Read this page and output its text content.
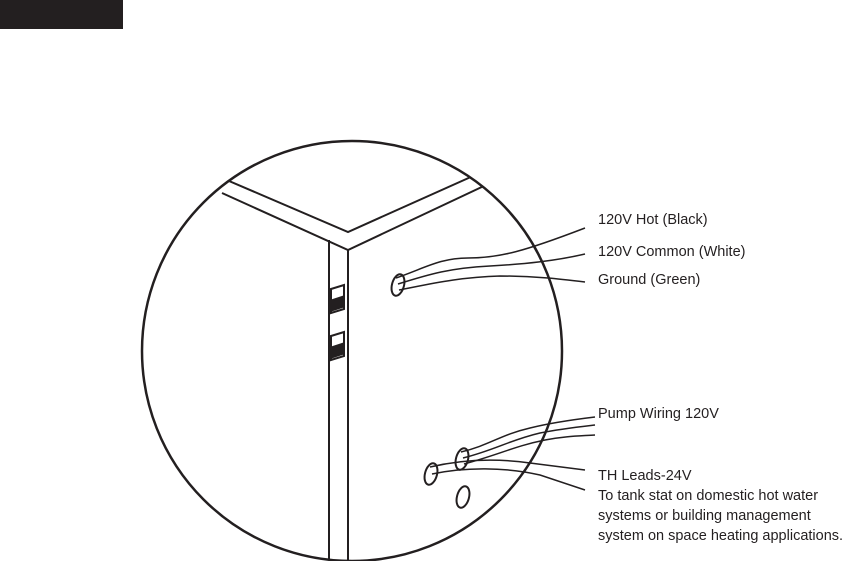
120V Hot (Black)
120V Common (White)
Ground (Green)
Pump Wiring 120V
TH Leads-24V
To tank stat on domestic hot water
systems or building management
system on space heating applications.
